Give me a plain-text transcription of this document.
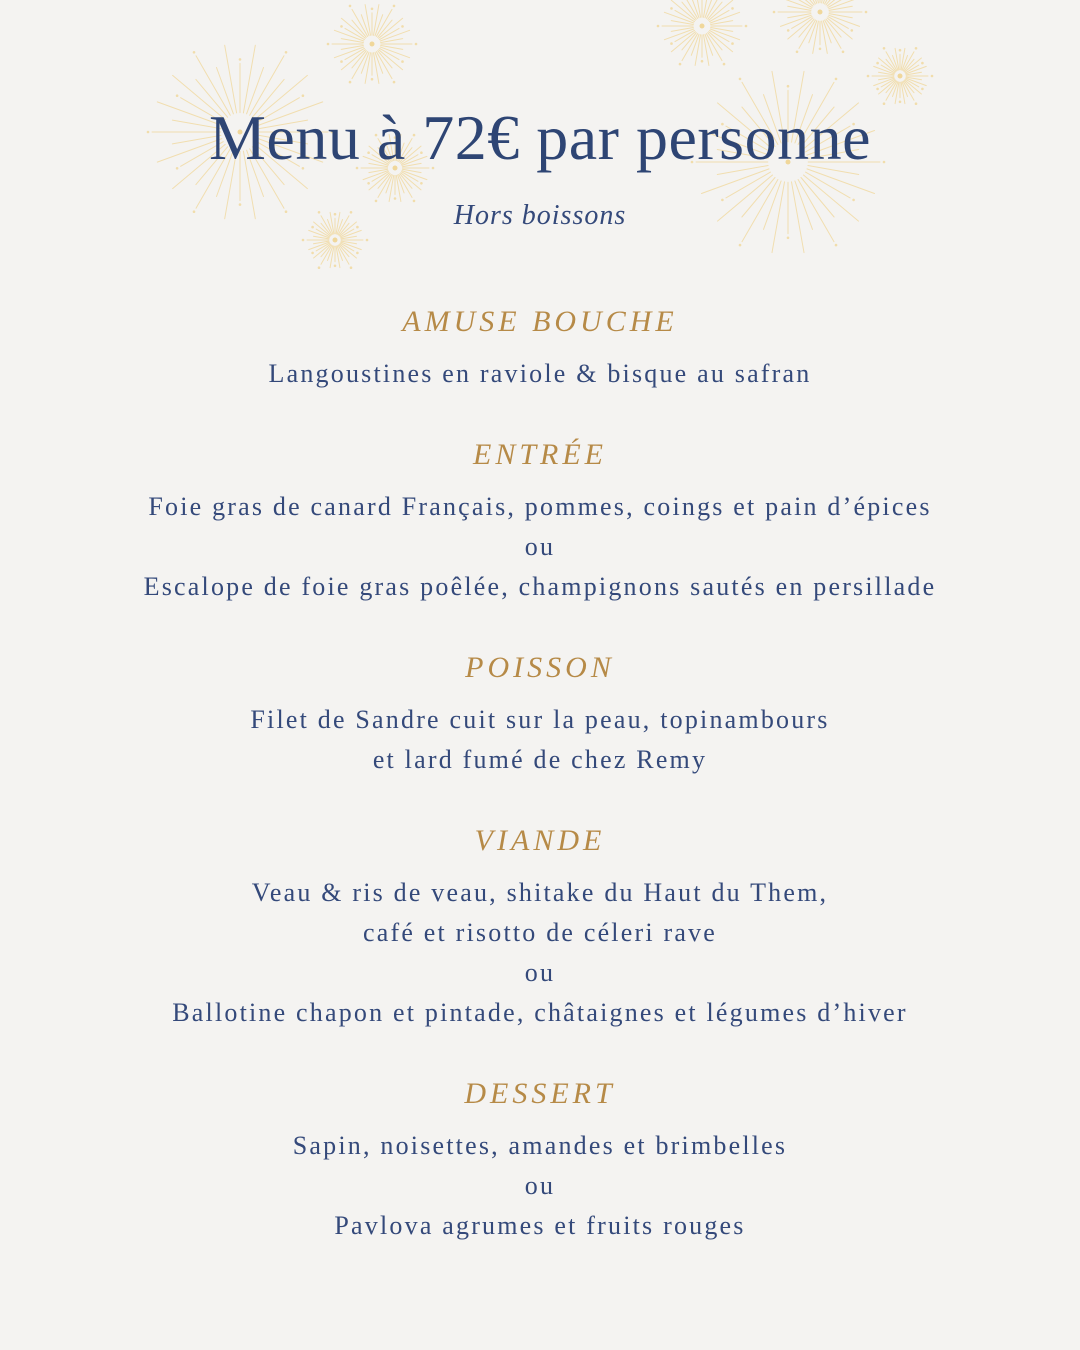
Menu à 72€ par personne
Hors boissons
AMUSE BOUCHE
Langoustines en raviole & bisque au safran
ENTRÉE
Foie gras de canard Français, pommes, coings et pain d’épices
ou
Escalope de foie gras poêlée, champignons sautés en persillade
POISSON
Filet de Sandre cuit sur la peau, topinambours
et lard fumé de chez Remy
VIANDE
Veau & ris de veau, shitake du Haut du Them,
café et risotto de céleri rave
ou
Ballotine chapon et pintade, châtaignes et légumes d’hiver
DESSERT
Sapin, noisettes, amandes et brimbelles
ou
Pavlova agrumes et fruits rouges
